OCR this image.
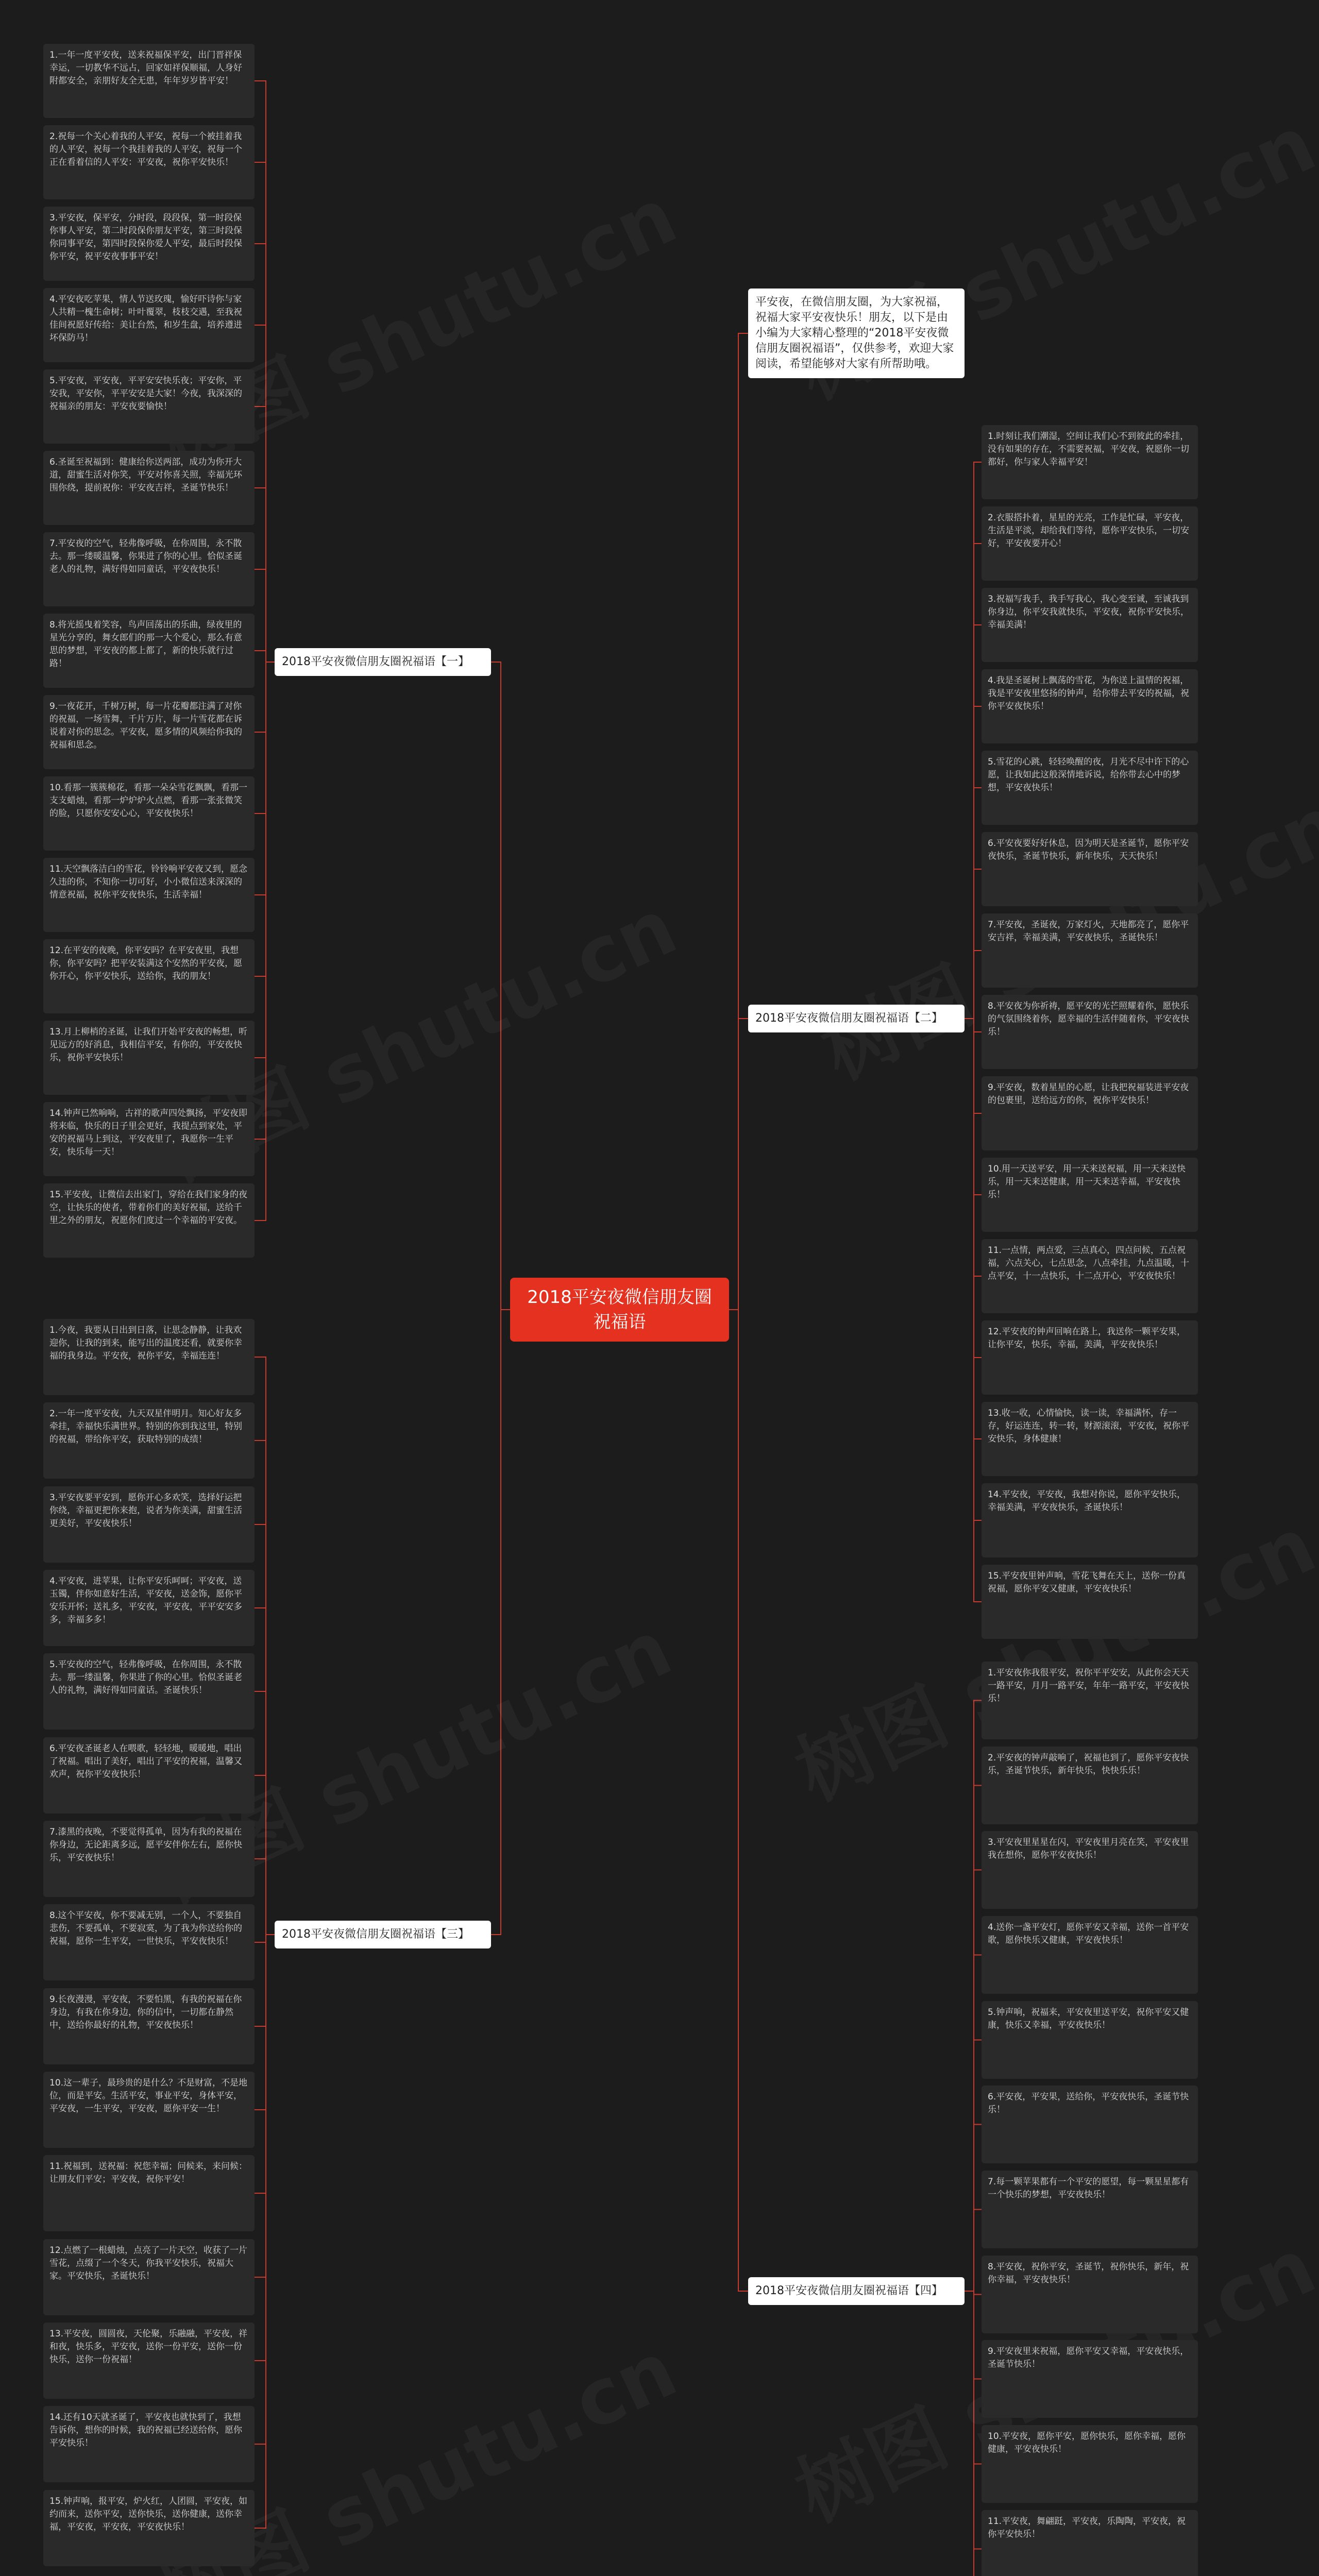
2018平安夜微信朋友圈祝福语
平安夜，在微信朋友圈，为大家祝福，祝福大家平安夜快乐！朋友，以下是由小编为大家精心整理的“2018平安夜微信朋友圈祝福语”，仅供参考，欢迎大家阅读，希望能够对大家有所帮助哦。
2018平安夜微信朋友圈祝福语【一】
1.一年一度平安夜，送来祝福保平安，出门晋祥保幸运，一切教华不远占，回家如祥保顺福，人身好附都安全，亲朋好友全无患，年年岁岁皆平安！
2.祝每一个关心着我的人平安，祝每一个被挂着我的人平安，祝每一个我挂着我的人平安，祝每一个正在看着信的人平安：平安夜，祝你平安快乐！
3.平安夜，保平安，分时段，段段保，第一时段保你事人平安，第二时段保你朋友平安，第三时段保你同事平安，第四时段保你爱人平安，最后时段保你平安，祝平安夜事事平安！
4.平安夜吃苹果，情人节送玫瑰，愉好吓诗你与家人共精一槐生命树；叶叶覆翠，枝枝交遇，至我祝佳间祝愿好传给：美让台然，和岁生盘，培养遵进坏保防马！
5.平安夜，平安夜，平平安安快乐夜；平安你，平安我，平安你，平平安安是大家！今夜，我深深的祝福亲的朋友：平安夜要愉快！
6.圣诞至祝福到：健康给你送两部，成功为你开大道，甜蜜生活对你笑，平安对你喜关照，幸福光环围你绕，提前祝你：平安夜吉祥，圣诞节快乐！
7.平安夜的空气，轻弗像呼吸，在你周围，永不散去。那一缕暖温馨，你果进了你的心里。恰似圣诞老人的礼物，满好得如同童话，平安夜快乐！
8.将光摇曳着笑容，鸟声回荡出的乐曲，绿夜里的星光分享的，舞女郎们的那一大个爱心，那么有意思的梦想，平安夜的都上都了，新的快乐就行过路！
9.一夜花开，千树万树，每一片花瓣都注满了对你的祝福，一场雪舞，千片万片，每一片雪花都在诉说着对你的思念。平安夜，愿多情的风频给你我的祝福和思念。
10.看那一簇簇棉花，看那一朵朵雪花飘飘，看那一支支蜡烛，看那一炉炉炉火点燃，看那一张张微笑的脸，只愿你安安心心，平安夜快乐！
11.天空飘落洁白的雪花，铃铃响平安夜又到，愿念久违的你，不知你一切可好，小小微信送来深深的情意祝福，祝你平安夜快乐，生活幸福！
12.在平安的夜晚，你平安吗？在平安夜里，我想你，你平安吗？把平安装满这个安然的平安夜，愿你开心，你平安快乐，送给你，我的朋友！
13.月上柳梢的圣诞，让我们开始平安夜的畅想，听见远方的好消息，我相信平安，有你的，平安夜快乐，祝你平安快乐！
14.钟声已然响响，古祥的歌声四处飘扬，平安夜即将来临，快乐的日子里会更好，我提点到家处，平安的祝福马上到这，平安夜里了，我愿你一生平安，快乐每一天！
15.平安夜，让微信去出家门，穿给在我们家身的夜空，让快乐的使者，带着你们的美好祝福，送给千里之外的朋友，祝愿你们度过一个幸福的平安夜。
2018平安夜微信朋友圈祝福语【三】
1.今夜，我要从日出到日落，让思念静静，让我欢迎你，让我的到来，能写出的温度还看，就要你幸福的我身边。平安夜，祝你平安，幸福连连！
2.一年一度平安夜，九天双星伴明月。知心好友多牵挂，幸福快乐满世界。特别的你到我这里，特别的祝福，带给你平安，获取特别的成绩！
3.平安夜要平安到，愿你开心多欢笑，选择好运把你绕，幸福更把你来抱，说者为你美满，甜蜜生活更美好，平安夜快乐！
4.平安夜，进苹果，让你平安乐呵呵；平安夜，送玉镯，伴你如意好生活，平安夜，送金饰，愿你平安乐开怀；送礼多，平安夜，平安夜，平平安安多多，幸福多多！
5.平安夜的空气，轻弗像呼吸，在你周围，永不散去。那一缕温馨，你果进了你的心里。恰似圣诞老人的礼物，满好得如同童话。圣诞快乐！
6.平安夜圣诞老人在喂歌，轻轻地，暖暖地，唱出了祝福。唱出了美好，唱出了平安的祝福，温馨又欢声，祝你平安夜快乐！
7.漆黑的夜晚，不要觉得孤单，因为有我的祝福在你身边，无论距离多远，愿平安伴你左右，愿你快乐，平安夜快乐！
8.这个平安夜，你不要减无别，一个人，不要独自悲伤，不要孤单，不要寂寞，为了我为你送给你的祝福，愿你一生平安，一世快乐，平安夜快乐！
9.长夜漫漫，平安夜，不要怕黑，有我的祝福在你身边，有我在你身边，你的信中，一切都在静然中，送给你最好的礼物，平安夜快乐！
10.这一辈子，最珍贵的是什么？不是财富，不是地位，而是平安。生活平安，事业平安，身体平安，平安夜，一生平安，平安夜，愿你平安一生！
11.祝福到，送祝福：祝您幸福；问候来，来问候：让朋友们平安；平安夜，祝你平安！
12.点燃了一根蜡烛，点亮了一片天空，收获了一片雪花，点缀了一个冬天，你我平安快乐，祝福大家。平安快乐，圣诞快乐！
13.平安夜，圆圆夜，天伦聚，乐融融，平安夜，祥和夜，快乐多，平安夜，送你一份平安，送你一份快乐，送你一份祝福！
14.还有10天就圣诞了，平安夜也就快到了，我想告诉你，想你的时候，我的祝福已经送给你，愿你平安快乐！
15.钟声响，报平安，炉火红，人团圆，平安夜，如约而来，送你平安，送你快乐，送你健康，送你幸福，平安夜，平安夜，平安夜快乐！
2018平安夜微信朋友圈祝福语【二】
1.时刻让我们潮湿，空间让我们心不到彼此的牵挂，没有如果的存在，不需要祝福，平安夜，祝愿你一切都好，你与家人幸福平安！
2.衣服搭扑着，星星的光亮，工作是忙碌，平安夜，生活是平淡，却给我们等待，愿你平安快乐，一切安好，平安夜要开心！
3.祝福写我手，我手写我心，我心变至诚，至诚我到你身边，你平安我就快乐，平安夜，祝你平安快乐，幸福美满！
4.我是圣诞树上飘荡的雪花，为你送上温情的祝福，我是平安夜里悠扬的钟声，给你带去平安的祝福，祝你平安夜快乐！
5.雪花的心跳，轻轻唤醒的夜，月光不尽中许下的心愿，让我如此这般深情地诉说，给你带去心中的梦想，平安夜快乐！
6.平安夜要好好休息，因为明天是圣诞节，愿你平安夜快乐，圣诞节快乐，新年快乐，天天快乐！
7.平安夜，圣诞夜，万家灯火，天地都亮了，愿你平安吉祥，幸福美满，平安夜快乐，圣诞快乐！
8.平安夜为你祈祷，愿平安的光芒照耀着你，愿快乐的气氛围绕着你，愿幸福的生活伴随着你，平安夜快乐！
9.平安夜，数着星星的心愿，让我把祝福装进平安夜的包裹里，送给远方的你，祝你平安快乐！
10.用一天送平安，用一天来送祝福，用一天来送快乐，用一天来送健康，用一天来送幸福，平安夜快乐！
11.一点情，两点爱，三点真心，四点问候，五点祝福，六点关心，七点思念，八点牵挂，九点温暖，十点平安，十一点快乐，十二点开心，平安夜快乐！
12.平安夜的钟声回响在路上，我送你一颗平安果，让你平安，快乐，幸福，美满，平安夜快乐！
13.收一收，心情愉快，读一读，幸福满怀，存一存，好运连连，转一转，财源滚滚，平安夜，祝你平安快乐，身体健康！
14.平安夜，平安夜，我想对你说，愿你平安快乐，幸福美满，平安夜快乐，圣诞快乐！
15.平安夜里钟声响，雪花飞舞在天上，送你一份真祝福，愿你平安又健康，平安夜快乐！
2018平安夜微信朋友圈祝福语【四】
1.平安夜你我很平安，祝你平平安安，从此你会天天一路平安，月月一路平安，年年一路平安，平安夜快乐！
2.平安夜的钟声敲响了，祝福也到了，愿你平安夜快乐，圣诞节快乐，新年快乐，快快乐乐！
3.平安夜里星星在闪，平安夜里月亮在笑，平安夜里我在想你，愿你平安夜快乐！
4.送你一盏平安灯，愿你平安又幸福，送你一首平安歌，愿你快乐又健康，平安夜快乐！
5.钟声响，祝福来，平安夜里送平安，祝你平安又健康，快乐又幸福，平安夜快乐！
6.平安夜，平安果，送给你，平安夜快乐，圣诞节快乐！
7.每一颗苹果都有一个平安的愿望，每一颗星星都有一个快乐的梦想，平安夜快乐！
8.平安夜，祝你平安，圣诞节，祝你快乐，新年，祝你幸福，平安夜快乐！
9.平安夜里来祝福，愿你平安又幸福，平安夜快乐，圣诞节快乐！
10.平安夜，愿你平安，愿你快乐，愿你幸福，愿你健康，平安夜快乐！
11.平安夜，舞翩跹，平安夜，乐陶陶，平安夜，祝你平安快乐！
